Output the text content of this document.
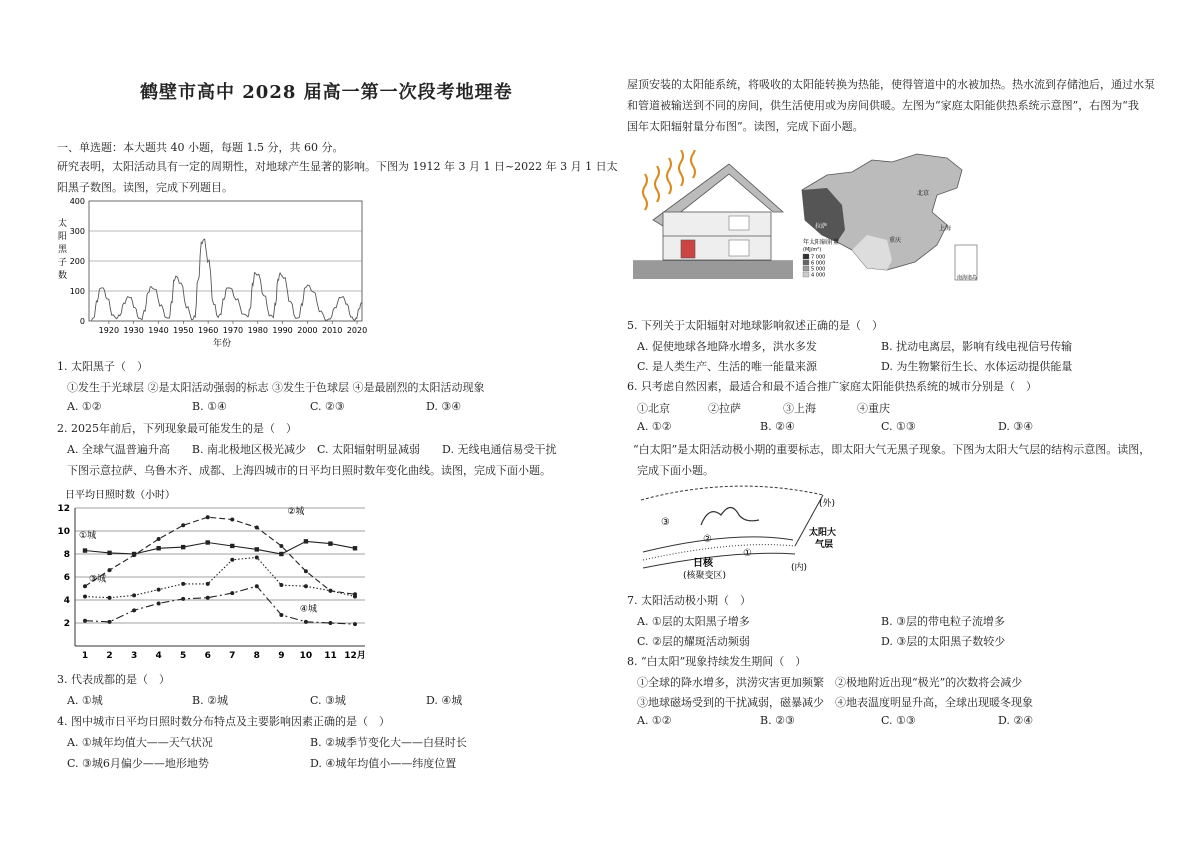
鹤壁市高中 2028 届高一第一次段考地理卷
一、单选题：本大题共 40 小题，每题 1.5 分，共 60 分。
研究表明，太阳活动具有一定的周期性，对地球产生显著的影响。下图为 1912 年 3 月 1 日~2022 年 3 月 1 日太
阳黑子数图。读图，完成下列题目。
太
阳
黑
子
数
0
100
200
300
400
1920 1930 1940 1950 1960 1970 1980 1990 2000 2010 2020
年份
1. 太阳黑子（　）
①发生于光球层 ②是太阳活动强弱的标志 ③发生于色球层 ④是最剧烈的太阳活动现象
A. ①②	B. ①④	C. ②③	D. ③④
2. 2025年前后，下列现象最可能发生的是（　）
A. 全球气温普遍升高　　B. 南北极地区极光减少　C. 太阳辐射明显减弱　　D. 无线电通信易受干扰
下图示意拉萨、乌鲁木齐、成都、上海四城市的日平均日照时数年变化曲线。读图，完成下面小题。
日平均日照时数（小时）
2
4
6
8
10
12
1 2 3 4 5 6 7 8 9 10 11 12月
①城
②城
③城
④城
3. 代表成都的是（　）
A. ①城	B. ②城	C. ③城	D. ④城
4. 图中城市日平均日照时数分布特点及主要影响因素正确的是（　）
A. ①城年均值大——天气状况	B. ②城季节变化大——白昼时长
C. ③城6月偏少——地形地势	D. ④城年均值小——纬度位置
屋顶安装的太阳能系统，将吸收的太阳能转换为热能，使得管道中的水被加热。热水流到存储池后，通过水泵
和管道被输送到不同的房间，供生活使用或为房间供暖。左图为“家庭太阳能供热系统示意图”，右图为“我
国年太阳辐射量分布图”。读图，完成下面小题。
拉萨
北京
上海
重庆
年太阳辐射量
(MJ/m²)
7 000
6 000
5 000
4 000	南海诸岛
5. 下列关于太阳辐射对地球影响叙述正确的是（　）
A. 促使地球各地降水增多，洪水多发	B. 扰动电离层，影响有线电视信号传输
C. 是人类生产、生活的唯一能量来源	D. 为生物繁衍生长、水体运动提供能量
6. 只考虑自然因素，最适合和最不适合推广家庭太阳能供热系统的城市分别是（　）
①北京	②拉萨	③上海	④重庆
A. ①②	B. ②④	C. ①③	D. ③④
“白太阳”是太阳活动极小期的重要标志，即太阳大气无黑子现象。下图为太阳大气层的结构示意图。读图，
完成下面小题。
③
②
①
(外)
(内)
太阳大
气层
日核
(核聚变区)
7. 太阳活动极小期（　）
A. ①层的太阳黑子增多	B. ③层的带电粒子流增多
C. ②层的耀斑活动频弱	D. ③层的太阳黑子数较少
8. “白太阳”现象持续发生期间（　）
①全球的降水增多，洪涝灾害更加频繁　②极地附近出现“极光”的次数将会减少
③地球磁场受到的干扰减弱，磁暴减少　④地表温度明显升高，全球出现暖冬现象
A. ①②	B. ②③	C. ①③	D. ②④
